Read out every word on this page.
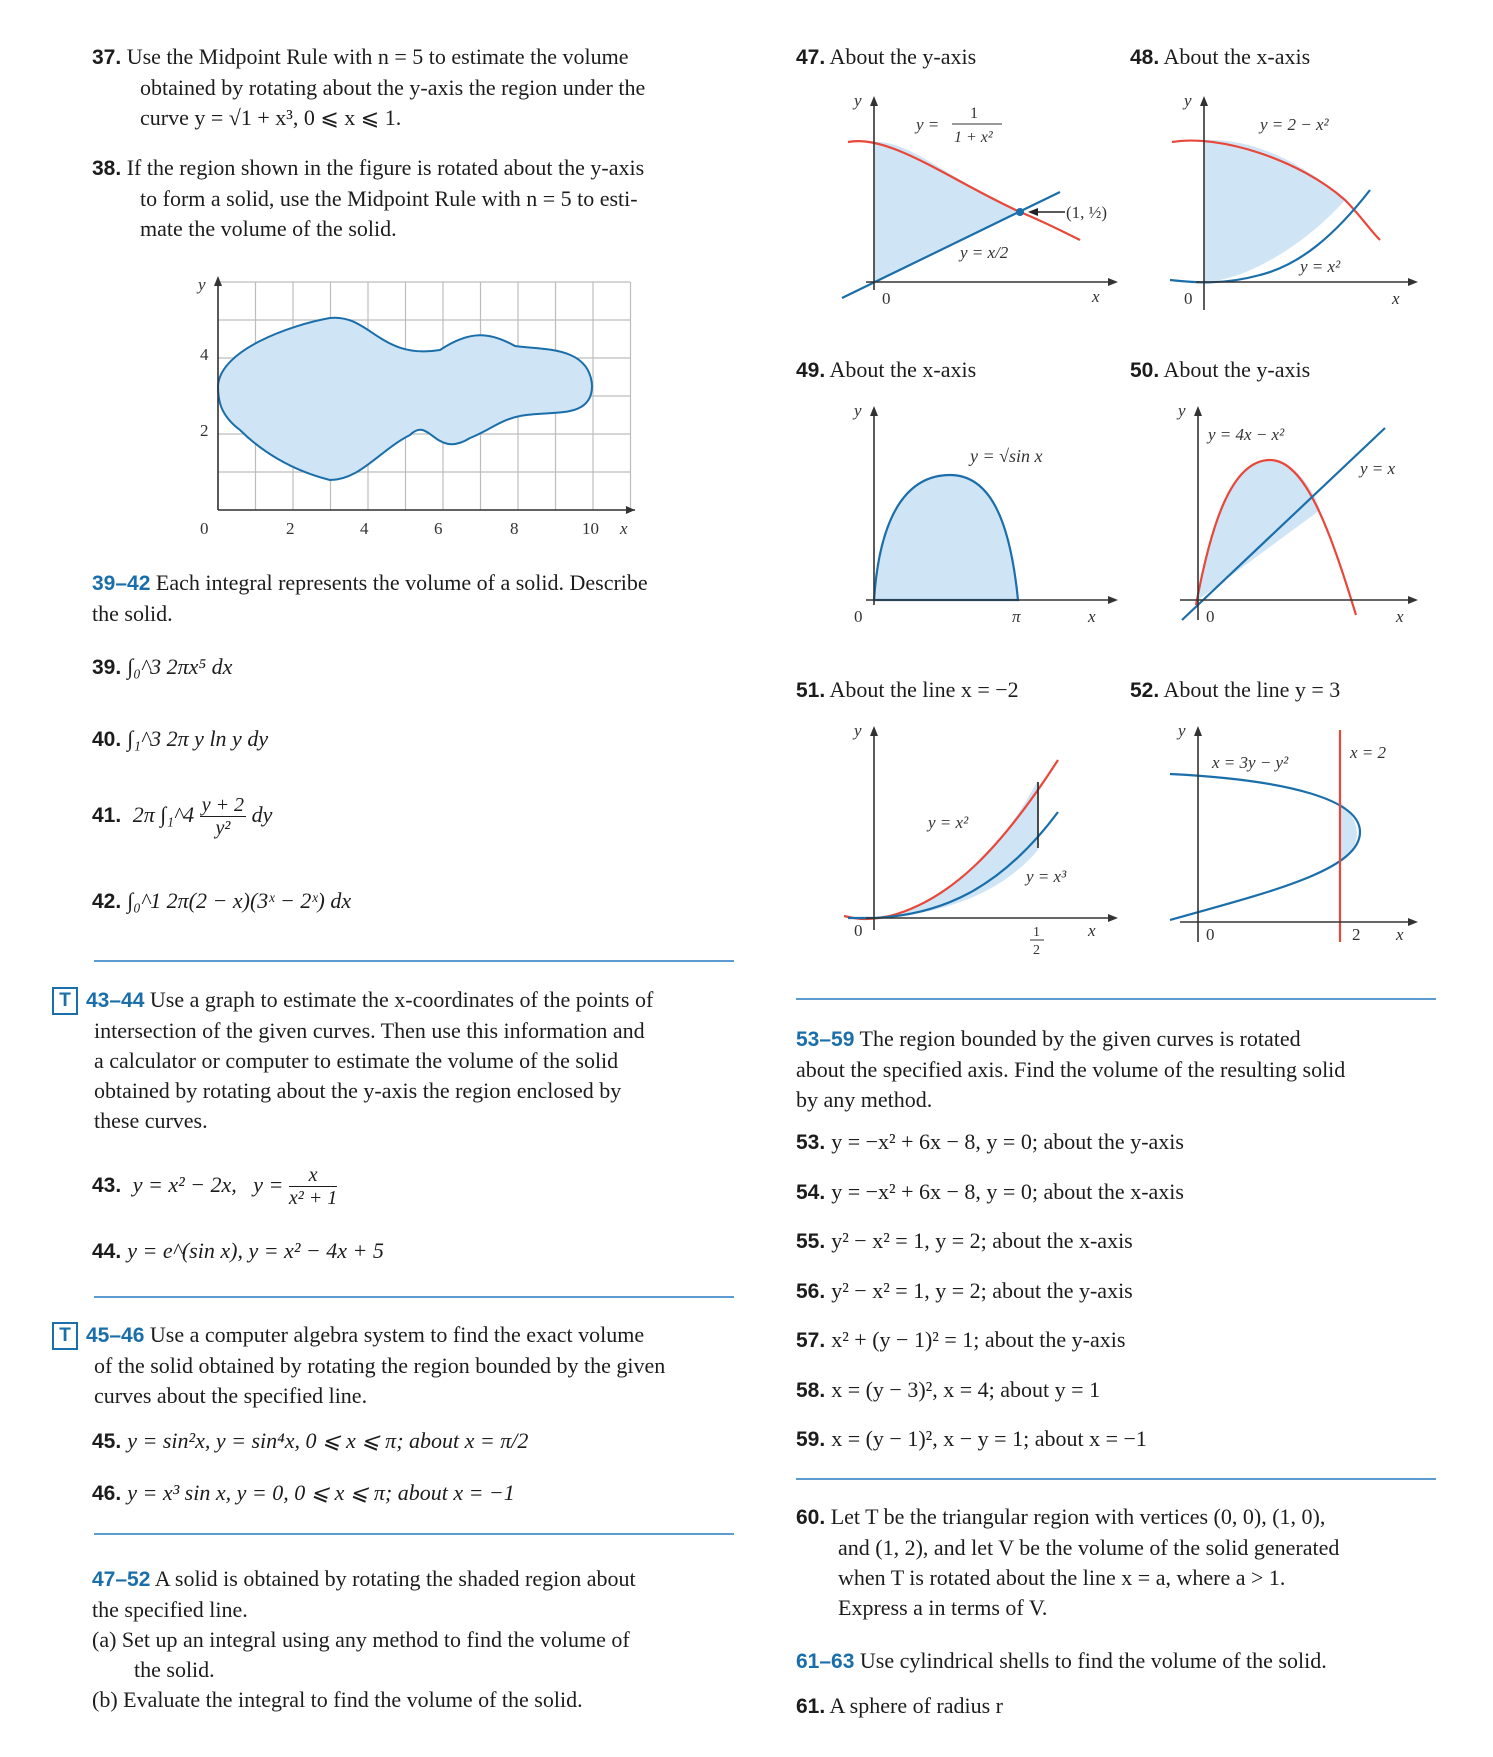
37. Use the Midpoint Rule with n = 5 to estimate the volume
obtained by rotating about the y-axis the region under the
curve y = √1 + x³, 0 ⩽ x ⩽ 1.
38. If the region shown in the figure is rotated about the y-axis
to form a solid, use the Midpoint Rule with n = 5 to esti-
mate the volume of the solid.
y
x
4
2
0	2	4	6	8	10
39–42 Each integral represents the volume of a solid. Describe
the solid.
39. ∫₀^3 2πx⁵ dx
40. ∫₁^3 2π y ln y dy
41. 2π ∫₁^4 $\frac{y + 2}{\text{y²}}$ dy
42. ∫₀^1 2π(2 − x)(3ˣ − 2ˣ) dx
T 43–44 Use a graph to estimate the x-coordinates of the points of
intersection of the given curves. Then use this information and
a calculator or computer to estimate the volume of the solid
obtained by rotating about the y-axis the region enclosed by
these curves.
43. y = x² − 2x, $y = \frac{x}{\text{x² + 1}}$
44. y = e^(sin x), y = x² − 4x + 5
T 45–46 Use a computer algebra system to find the exact volume
of the solid obtained by rotating the region bounded by the given
curves about the specified line.
45. y = sin²x, y = sin⁴x, 0 ⩽ x ⩽ π; about x = π/2
46. y = x³ sin x, y = 0, 0 ⩽ x ⩽ π; about x = −1
47–52 A solid is obtained by rotating the shaded region about
the specified line.
(a) Set up an integral using any method to find the volume of
the solid.
(b) Evaluate the integral to find the volume of the solid.
47. About the y-axis	48. About the x-axis
49. About the x-axis	50. About the y-axis
51. About the line x = −2	52. About the line y = 3
y
x
0
y =
1
1 + x²
y = x/2
(1, ½)
y
x
0
y = 2 − x²
y = x²
y
x
0	π
y = √sin x
y
x
0
y = 4x − x²
y = x
y
x
0
y = x²
y = x³
1
2
y
x
0	2
x = 3y − y²
x = 2
53–59 The region bounded by the given curves is rotated
about the specified axis. Find the volume of the resulting solid
by any method.
53. y = −x² + 6x − 8, y = 0; about the y-axis
54. y = −x² + 6x − 8, y = 0; about the x-axis
55. y² − x² = 1, y = 2; about the x-axis
56. y² − x² = 1, y = 2; about the y-axis
57. x² + (y − 1)² = 1; about the y-axis
58. x = (y − 3)², x = 4; about y = 1
59. x = (y − 1)², x − y = 1; about x = −1
60. Let T be the triangular region with vertices (0, 0), (1, 0),
and (1, 2), and let V be the volume of the solid generated
when T is rotated about the line x = a, where a > 1.
Express a in terms of V.
61–63 Use cylindrical shells to find the volume of the solid.
61. A sphere of radius r
